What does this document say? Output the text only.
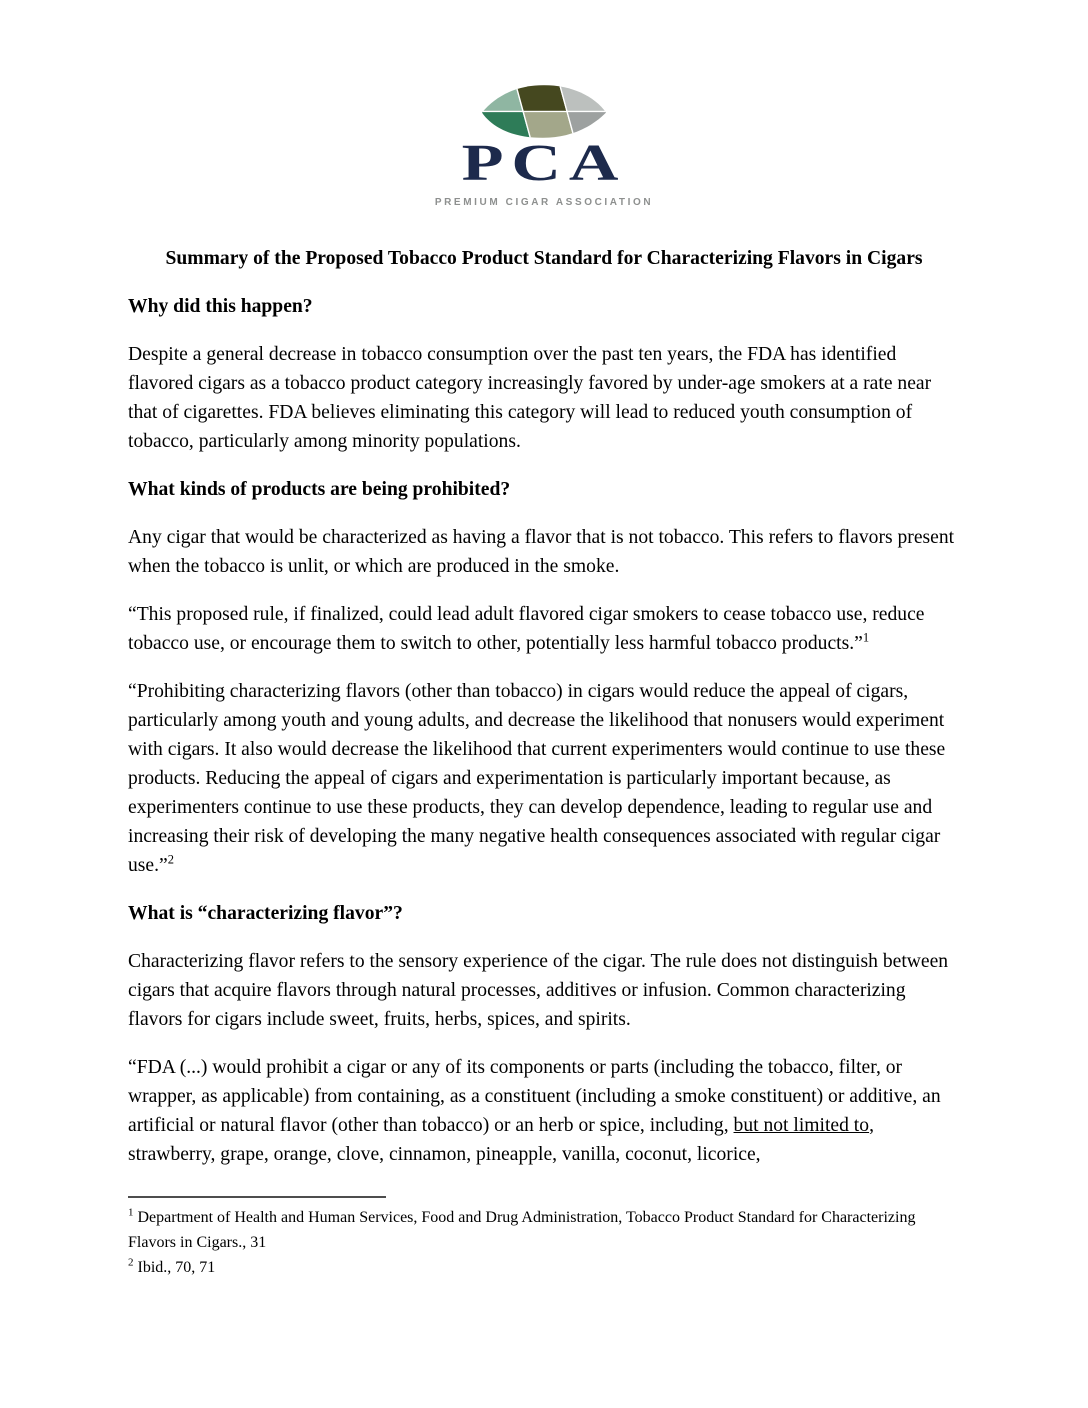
PCA
PREMIUM CIGAR ASSOCIATION
Summary of the Proposed Tobacco Product Standard for Characterizing Flavors in Cigars
Why did this happen?

Despite a general decrease in tobacco consumption over the past ten years, the FDA has identified flavored cigars as a tobacco product category increasingly favored by under-age smokers at a rate near that of cigarettes. FDA believes eliminating this category will lead to reduced youth consumption of tobacco, particularly among minority populations.

What kinds of products are being prohibited?

Any cigar that would be characterized as having a flavor that is not tobacco. This refers to flavors present when the tobacco is unlit, or which are produced in the smoke.

“This proposed rule, if finalized, could lead adult flavored cigar smokers to cease tobacco use, reduce tobacco use, or encourage them to switch to other, potentially less harmful tobacco products.”$^1$

“Prohibiting characterizing flavors (other than tobacco) in cigars would reduce the appeal of cigars, particularly among youth and young adults, and decrease the likelihood that nonusers would experiment with cigars. It also would decrease the likelihood that current experimenters would continue to use these products. Reducing the appeal of cigars and experimentation is particularly important because, as experimenters continue to use these products, they can develop dependence, leading to regular use and increasing their risk of developing the many negative health consequences associated with regular cigar use.”$^2$

What is “characterizing flavor”?

Characterizing flavor refers to the sensory experience of the cigar. The rule does not distinguish between cigars that acquire flavors through natural processes, additives or infusion. Common characterizing flavors for cigars include sweet, fruits, herbs, spices, and spirits.

“FDA (...) would prohibit a cigar or any of its components or parts (including the tobacco, filter, or wrapper, as applicable) from containing, as a constituent (including a smoke constituent) or additive, an artificial or natural flavor (other than tobacco) or an herb or spice, including, but not limited to, strawberry, grape, orange, clove, cinnamon, pineapple, vanilla, coconut, licorice,

$^1$ Department of Health and Human Services, Food and Drug Administration, Tobacco Product Standard for Characterizing Flavors in Cigars., 31

$^2$ Ibid., 70, 71
